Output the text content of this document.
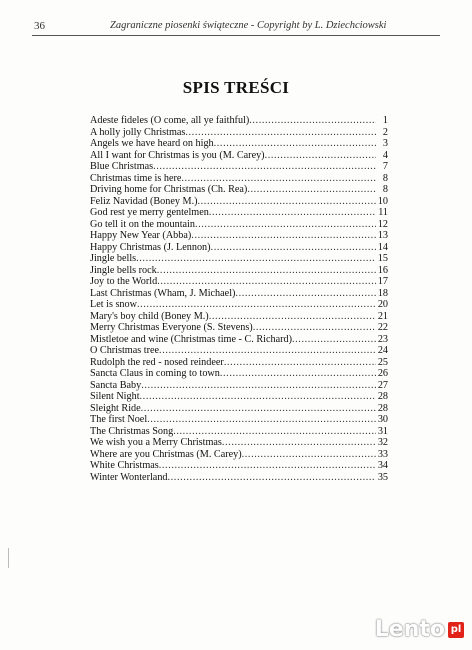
36	Zagraniczne piosenki świąteczne - Copyright by L. Dziechciowski
SPIS TREŚCI
Adeste fideles (O come, all ye faithful) .....	1
A holly jolly Christmas .....	2
Angels we have heard on high .....	3
All I want for Christmas is you (M. Carey) .....	4
Blue Christmas .....	7
Christmas time is here .....	8
Driving home for Christmas (Ch. Rea) .....	8
Feliz Navidad (Boney M.) .....	10
God rest ye merry gentelmen .....	11
Go tell it on the mountain .....	12
Happy New Year (Abba) .....	13
Happy Christmas (J. Lennon) .....	14
Jingle bells .....	15
Jingle bells rock .....	16
Joy to the World .....	17
Last Christmas (Wham, J. Michael) .....	18
Let is snow .....	20
Mary's boy child (Boney M.) .....	21
Merry Christmas Everyone (S. Stevens) .....	22
Mistletoe and wine (Christmas time - C. Richard) .....	23
O Christmas tree .....	24
Rudolph the red - nosed reindeer .....	25
Sancta Claus in coming to town .....	26
Sancta Baby .....	27
Silent Night .....	28
Sleight Ride .....	28
The first Noel .....	30
The Christmas Song .....	31
We wish you a Merry Christmas .....	32
Where are you Christmas (M. Carey) .....	33
White Christmas .....	34
Winter Wonterland .....	35
Lento pl
